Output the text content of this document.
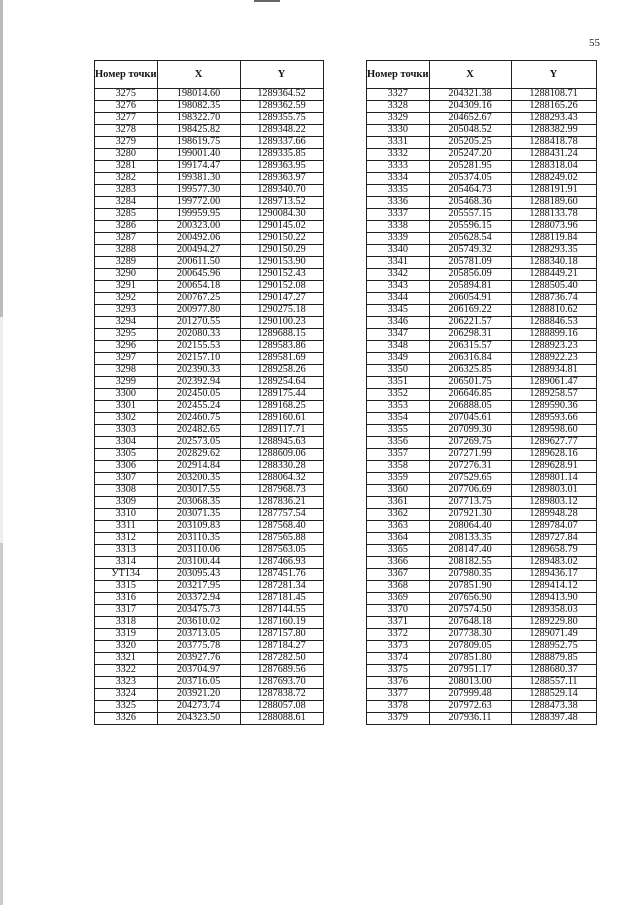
55
Номер точки	X	Y
3275	198014.60	1289364.52
3276	198082.35	1289362.59
3277	198322.70	1289355.75
3278	198425.82	1289348.22
3279	198619.75	1289337.66
3280	199001.40	1289335.85
3281	199174.47	1289363.95
3282	199381.30	1289363.97
3283	199577.30	1289340.70
3284	199772.00	1289713.52
3285	199959.95	1290084.30
3286	200323.00	1290145.02
3287	200492.06	1290150.22
3288	200494.27	1290150.29
3289	200611.50	1290153.90
3290	200645.96	1290152.43
3291	200654.18	1290152.08
3292	200767.25	1290147.27
3293	200977.80	1290275.18
3294	201270.55	1290100.23
3295	202080.33	1289688.15
3296	202155.53	1289583.86
3297	202157.10	1289581.69
3298	202390.33	1289258.26
3299	202392.94	1289254.64
3300	202450.05	1289175.44
3301	202455.24	1289168.25
3302	202460.75	1289160.61
3303	202482.65	1289117.71
3304	202573.05	1288945.63
3305	202829.62	1288609.06
3306	202914.84	1288330.28
3307	203200.35	1288064.32
3308	203017.55	1287968.73
3309	203068.35	1287836.21
3310	203071.35	1287757.54
3311	203109.83	1287568.40
3312	203110.35	1287565.88
3313	203110.06	1287563.05
3314	203100.44	1287466.93
УТ134	203095.43	1287451.76
3315	203217.95	1287281.34
3316	203372.94	1287181.45
3317	203475.73	1287144.55
3318	203610.02	1287160.19
3319	203713.05	1287157.80
3320	203775.78	1287184.27
3321	203927.76	1287282.50
3322	203704.97	1287689.56
3323	203716.05	1287693.70
3324	203921.20	1287838.72
3325	204273.74	1288057.08
3326	204323.50	1288088.61
Номер точки	X	Y
3327	204321.38	1288108.71
3328	204309.16	1288165.26
3329	204652.67	1288293.43
3330	205048.52	1288382.99
3331	205205.25	1288418.78
3332	205247.20	1288431.24
3333	205281.95	1288318.04
3334	205374.05	1288249.02
3335	205464.73	1288191.91
3336	205468.36	1288189.60
3337	205557.15	1288133.78
3338	205596.15	1288073.96
3339	205628.54	1288119.84
3340	205749.32	1288293.35
3341	205781.09	1288340.18
3342	205856.09	1288449.21
3343	205894.81	1288505.40
3344	206054.91	1288736.74
3345	206169.22	1288810.62
3346	206221.57	1288846.53
3347	206298.31	1288899.16
3348	206315.57	1288923.23
3349	206316.84	1288922.23
3350	206325.85	1288934.81
3351	206501.75	1289061.47
3352	206646.85	1289258.57
3353	206888.05	1289590.36
3354	207045.61	1289593.66
3355	207099.30	1289598.60
3356	207269.75	1289627.77
3357	207271.99	1289628.16
3358	207276.31	1289628.91
3359	207529.65	1289801.14
3360	207706.69	1289803.01
3361	207713.75	1289803.12
3362	207921.30	1289948.28
3363	208064.40	1289784.07
3364	208133.35	1289727.84
3365	208147.40	1289658.79
3366	208182.55	1289483.02
3367	207980.35	1289436.17
3368	207851.90	1289414.12
3369	207656.90	1289413.90
3370	207574.50	1289358.03
3371	207648.18	1289229.80
3372	207738.30	1289071.49
3373	207809.05	1288952.75
3374	207851.80	1288879.85
3375	207951.17	1288680.37
3376	208013.00	1288557.11
3377	207999.48	1288529.14
3378	207972.63	1288473.38
3379	207936.11	1288397.48
